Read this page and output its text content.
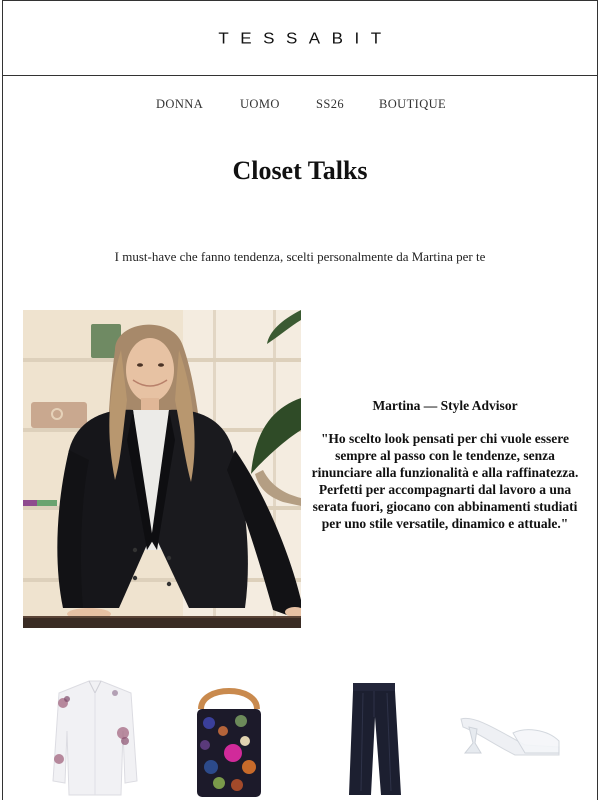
TESSABIT
DONNA	UOMO	SS26	BOUTIQUE
Closet Talks

I must-have che fanno tendenza, scelti personalmente da Martina per te

Martina — Style Advisor

"Ho scelto look pensati per chi vuole essere sempre al passo con le tendenze, senza rinunciare alla funzionalità e alla raffinatezza. Perfetti per accompagnarti dal lavoro a una serata fuori, giocano con abbinamenti studiati per uno stile versatile, dinamico e attuale."
